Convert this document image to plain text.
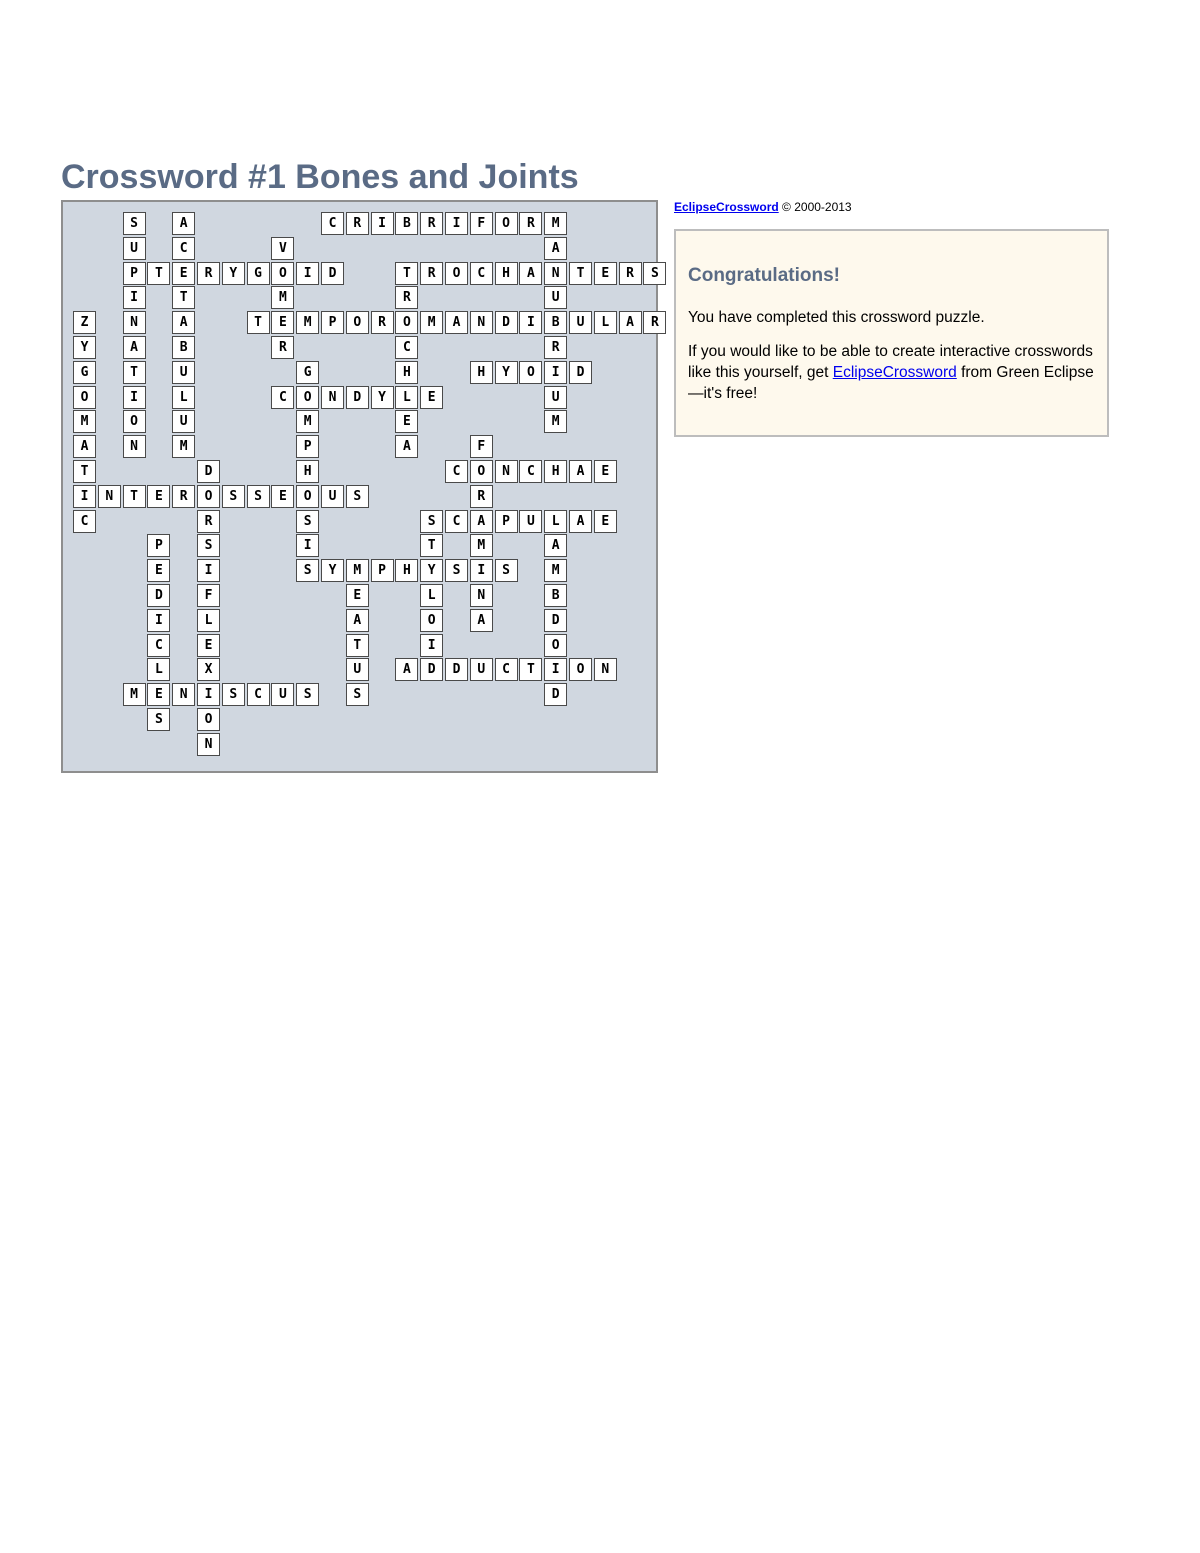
Crossword #1 Bones and Joints
S
U
P
I
N
A
T
I
O
N
A
C
E
T
A
B
U
L
U
M
C	R	I	B	R	I	F	O	R	M
A
N
U
B
R
I
U
M
V
O
M
E
R
T	R	Y	G	I	D	T	R	O	C	H	A	T	E	R	S
R
O
C
H
L
E
A
Z
Y
G
O
M
A
T
I
C
T	M	P	O	R	M	A	N	D	I	U	L	A	R
G
O
M
P
H
O
S
I
S
H	Y	O	D
C	N	D	Y	E
F
O
R
A
M
I
N
A
D
O
R
S
I
F
L
E
X
I
O
N
C	N	C	H	A	E
N	T	E	R	S	S	E	U	S
S	C	P	U	L	A	E
T
Y
L
O
I
D
P
E
D
I
C
L
E
S
A
M
B
D
O
I
D
Y	M	P	H	S	S
E
A
T
U
S
A	D	U	C	T	O	N
M	N	S	C	U	S
EclipseCrossword © 2000-2013
Congratulations!

You have completed this crossword puzzle.

If you would like to be able to create interactive crosswords like this yourself, get EclipseCrossword from Green Eclipse—it's free!
